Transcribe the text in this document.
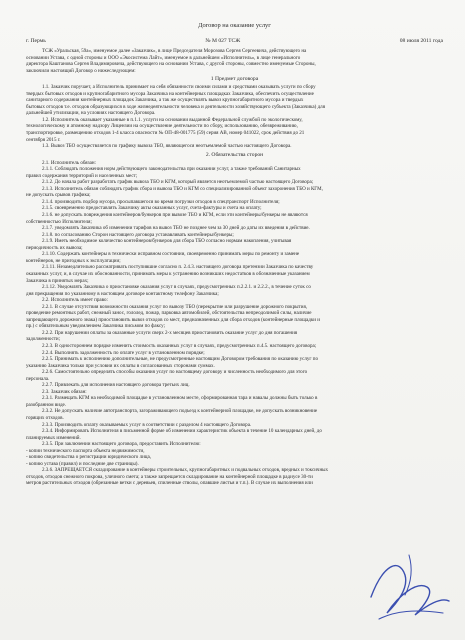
Договор на оказание услуг
г. Пермь	№ М 027 ТСЖ	08 июля 2011 года

ТСЖ «Уральская, 59а», именуемое далее «Заказчик», в лице Председателя Морозова Сергея Сергеевича, действующего на

основании Устава, с одной стороны и ООО «Экосистема Лайт», именуемое в дальнейшем «Исполнитель», в лице генерального

директора Каштанова Сергея Владимировича, действующего на основании Устава, с другой стороны, совместно именуемые Стороны,

заключили настоящий Договор о нижеследующем:

1 Предмет договора

1.1. Заказчик поручает, а Исполнитель принимает на себя обязанности своими силами и средствами оказывать услуги по сбору

твердых бытовых отходов и крупногабаритного мусора Заказчика на контейнерных площадках Заказчика, обеспечить осуществление

санитарного содержания контейнерных площадок Заказчика, а так же осуществлять вывоз крупногабаритного мусора и твердых

бытовых отходов т.е. отходов образующихся в ходе жизнедеятельности человека и деятельности хозяйствующего субъекта (Заказчика) для

дальнейшей утилизации, на условиях настоящего Договора.

1.2. Исполнитель оказывает указанные в п.1.1. услуги на основании выданной Федеральной службой по экологическому,

технологическому и атомному надзору Лицензии на осуществление деятельности по сбору, использованию, обезвреживанию,

транспортировке, размещению отходов 1-4 класса опасности № ОП-48-001775 (59) серия АВ, номер 041022, срок действия до 21

сентября 2015 г.

1.3. Вывоз ТБО осуществляется по графику вывоза ТБО, являющегося неотъемлемой частью настоящего Договора.

2. Обязательства сторон

2.1. Исполнитель обязан:

2.1.1. Соблюдать положения норм действующего законодательства при оказании услуг, а также требований Санитарных

правил содержания территорий и населенных мест;

2.1.2. До начала работ разработать график вывоза ТБО и КГМ, который является неотъемлемой частью настоящего Договора;

2.1.3. Исполнитель обязан соблюдать график сбора и вывоза ТБО и КГМ со специализированной объект захоронения ТБО и КГМ,

не допускать срывов графика;

2.1.4. производить подбор мусора, просыпавшегося во время погрузки отходов в спецтранспорт Исполнителя;

2.1.5. своевременно предоставлять Заказчику акты оказанных услуг, счета-фактуры и счета на оплату;

2.1.6. не допускать повреждения контейнеров/бункеров при вывозе ТБО и КГМ, если эти контейнеры/бункеры не являются

собственностью Исполнителя;

2.1.7. уведомлять Заказчика об изменении тарифов на вывоз ТБО не позднее чем за 30 дней до даты их введения в действие.

2.1.8. по согласованию Сторон настоящего договора устанавливать контейнеры/бункеры;

2.1.9. Иметь необходимое количество контейнеров/бункеров для сбора ТБО согласно нормам накопления, учитывая

периодичность их вывоза;

2.1.10. Содержать контейнеры в технически исправном состоянии, своевременно принимать меры по ремонту и замене

контейнеров, не пригодных к эксплуатации;

2.1.11. Незамедлительно рассматривать поступившие согласно п. 2.4.3. настоящего договора претензии Заказчика по качеству

оказанных услуг, и, в случае их обоснованности, принимать меры к устранению возникших недостатков в обозначенные указанием

Заказчика в принятых мерах;

2.1.12. Уведомлять Заказчика о приостановке оказания услуг в случаях, предусмотренных п.2.2.1. и 2.2.2., в течение суток со

дня прекращения по указанному в настоящем договоре контактному телефону Заказчика;

2.2. Исполнитель имеет право:

2.2.1. В случае отсутствия возможности оказания услуг по вывозу ТБО (перекрытие или разрушение дорожного покрытия,

проведение ремонтных работ, снежный занос, гололед, пожар, парковка автомобилей, обстоятельства непреодолимой силы, наличие

запрещающего дорожного знака) приостановить вывоз отходов со мест, предназначенных для сбора отходов (контейнерные площадки и

пр.) с обязательным уведомлением Заказчика письмом по факсу;

2.2.2. При нарушении оплаты за оказанные услуги сверх 2-х месяцев приостановить оказание услуг до дня погашения

задолженности;

2.2.3. В одностороннем порядке изменить стоимость оказанных услуг в случаях, предусмотренных п.4.5. настоящего договора;

2.2.4. Выполнять задолженность по оплате услуг в установленном порядке;

2.2.5. Принимать к исполнению дополнительные, не предусмотренные настоящим Договором требования по оказанию услуг по

указанию Заказчика только при условии их оплаты в согласованных сторонами суммах.

2.2.6. Самостоятельно определять способы оказания услуг по настоящему договору и численность необходимого для этого

персонала.

2.2.7. Привлекать для исполнения настоящего договора третьих лиц.

2.3. Заказчик обязан:

2.3.1. Размещать КГМ на необходимой площадке в установленном месте, сформированная тара и навалы должны быть только в

разобранном виде.

2.3.2. Не допускать наличие автотранспорта, загораживающего подъезд к контейнерной площадке, не допускать возникновение

горящих отходов.

2.3.3. Производить оплату оказываемых услуг в соответствии с разделом 4 настоящего Договора.

2.3.4. Информировать Исполнителя в письменной форме об изменении характеристик объекта в течение 10 календарных дней, до

планируемых изменений.

2.3.5. При заключении настоящего договора, предоставить Исполнителю:

- копии технического паспорта объекта недвижимости,

- копию свидетельства о регистрации юридического лица,

- копию устава (правил) и последние две страницы).

2.3.6. ЗАПРЕЩАЕТСЯ складирование в контейнеры строительных, крупногабаритных и подвальных отходов, вредных и токсичных

отходов, отходов снежного покрова, уличного смета; а также запрещается складирование на контейнерной площадке в радиусе 30-ти

метров растительных отходов (обрезанные ветки с деревьев, спиленные стволы, опавшие листья и т.п.). В случае их выполнения или
